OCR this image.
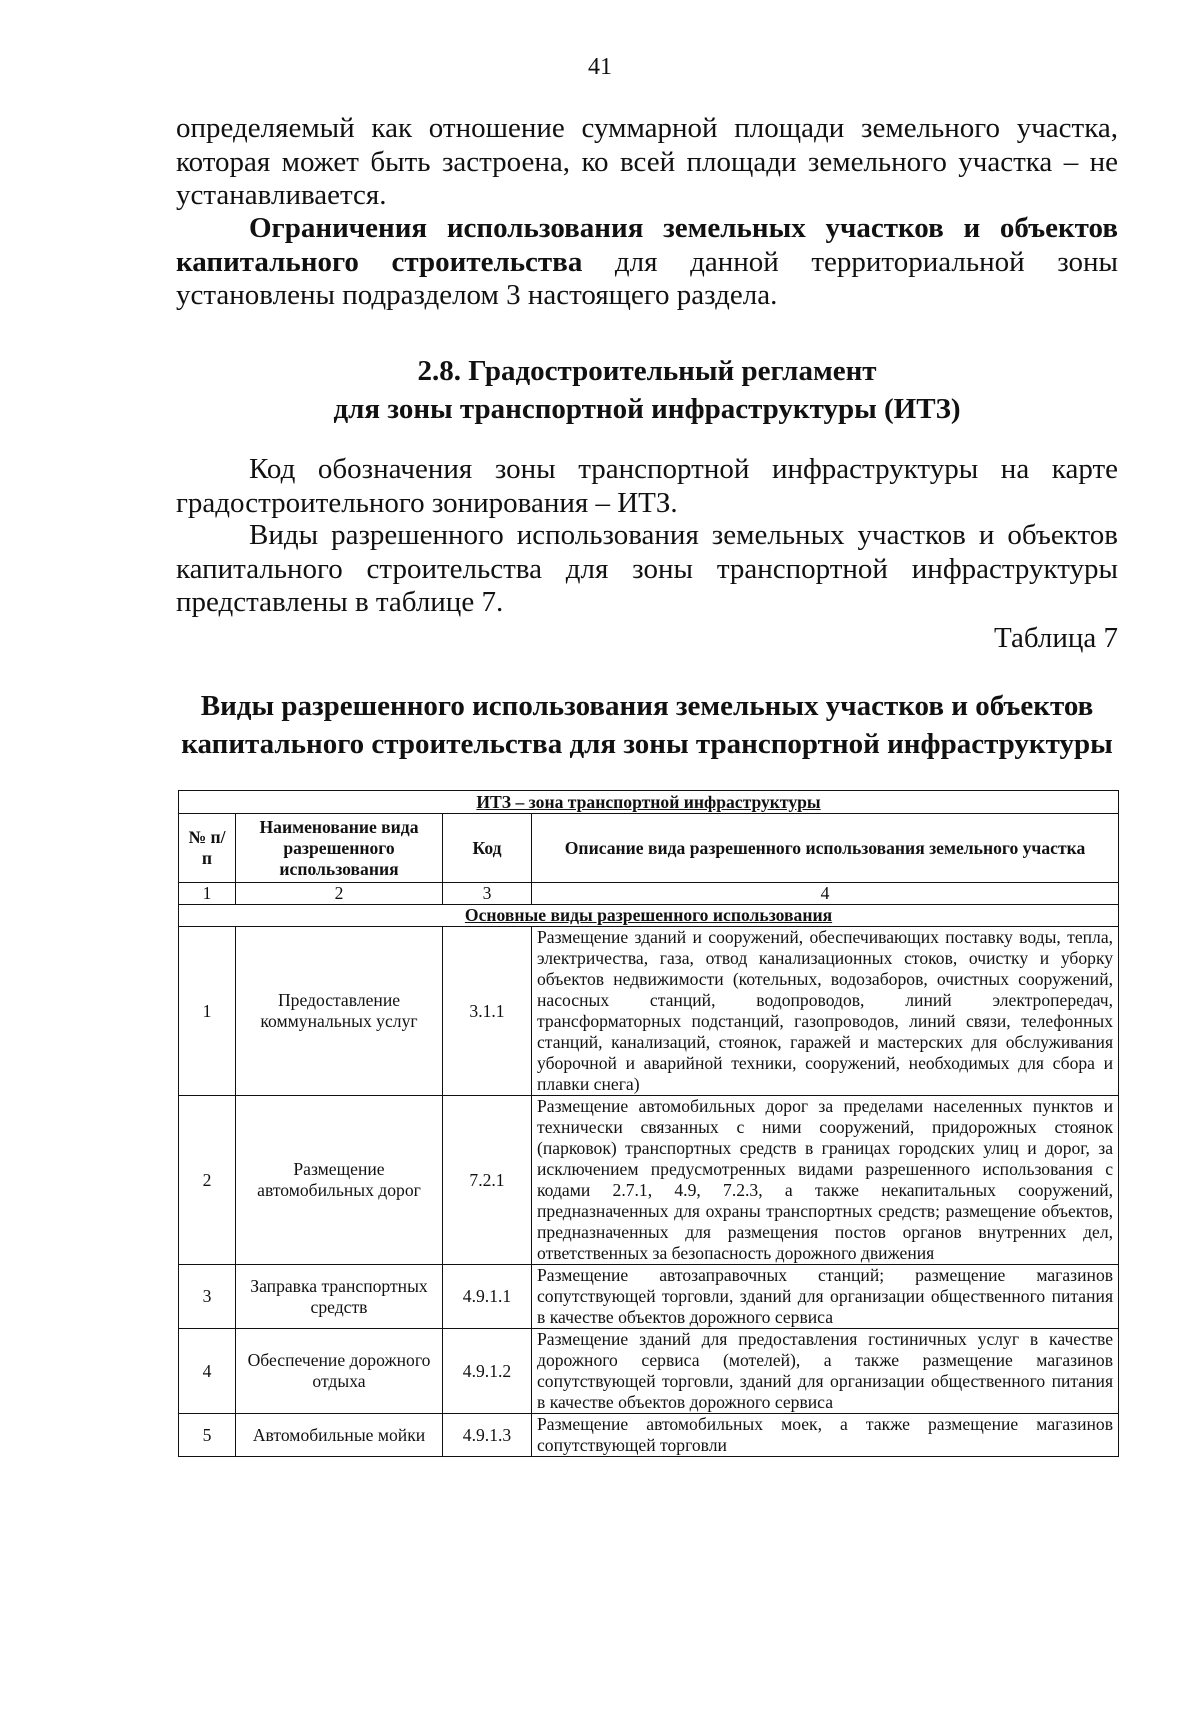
41

определяемый как отношение суммарной площади земельного участка, которая может быть застроена, ко всей площади земельного участка – не устанавливается.

Ограничения использования земельных участков и объектов капитального строительства для данной территориальной зоны установлены подразделом 3 настоящего раздела.

2.8. Градостроительный регламент
для зоны транспортной инфраструктуры (ИТЗ)

Код обозначения зоны транспортной инфраструктуры на карте градостроительного зонирования – ИТЗ.

Виды разрешенного использования земельных участков и объектов капитального строительства для зоны транспортной инфраструктуры представлены в таблице 7.

Таблица 7
Виды разрешенного использования земельных участков и объектов
капитального строительства для зоны транспортной инфраструктуры
ИТЗ – зона транспортной инфраструктуры			
№ п/п	Наименование вида разрешенного использования	Код	Описание вида разрешенного использования земельного участка
1	2	3	4
Основные виды разрешенного использования			
1	Предоставление коммунальных услуг	3.1.1	Размещение зданий и сооружений, обеспечивающих поставку воды, тепла, электричества, газа, отвод канализационных стоков, очистку и уборку объектов недвижимости (котельных, водозаборов, очистных сооружений, насосных станций, водопроводов, линий электропередач, трансформаторных подстанций, газопроводов, линий связи, телефонных станций, канализаций, стоянок, гаражей и мастерских для обслуживания уборочной и аварийной техники, сооружений, необходимых для сбора и плавки снега)
2	Размещение автомобильных дорог	7.2.1	Размещение автомобильных дорог за пределами населенных пунктов и технически связанных с ними сооружений, придорожных стоянок (парковок) транспортных средств в границах городских улиц и дорог, за исключением предусмотренных видами разрешенного использования с кодами 2.7.1, 4.9, 7.2.3, а также некапитальных сооружений, предназначенных для охраны транспортных средств; размещение объектов, предназначенных для размещения постов органов внутренних дел, ответственных за безопасность дорожного движения
3	Заправка транспортных средств	4.9.1.1	Размещение автозаправочных станций; размещение магазинов сопутствующей торговли, зданий для организации общественного питания в качестве объектов дорожного сервиса
4	Обеспечение дорожного отдыха	4.9.1.2	Размещение зданий для предоставления гостиничных услуг в качестве дорожного сервиса (мотелей), а также размещение магазинов сопутствующей торговли, зданий для организации общественного питания в качестве объектов дорожного сервиса
5	Автомобильные мойки	4.9.1.3	Размещение автомобильных моек, а также размещение магазинов сопутствующей торговли
